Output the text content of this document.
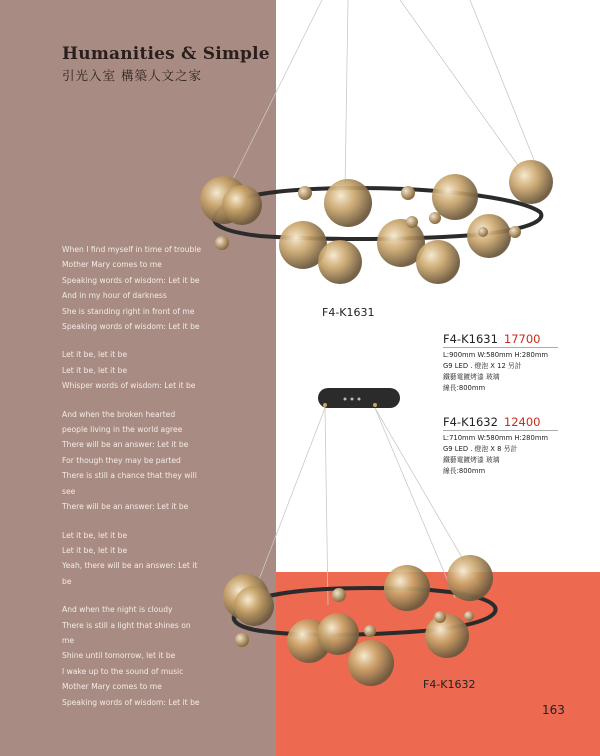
Humanities & Simple
引光入室 構築人文之家
When I find myself in time of trouble
Mother Mary comes to me
Speaking words of wisdom: Let it be
And in my hour of darkness
She is standing right in front of me
Speaking words of wisdom: Let it be
Let it be, let it be
Let it be, let it be
Whisper words of wisdom: Let it be
And when the broken hearted
people living in the world agree
There will be an answer: Let it be
For though they may be parted
There is still a chance that they will
see
There will be an answer: Let it be
Let it be, let it be
Let it be, let it be
Yeah, there will be an answer: Let it
be
And when the night is cloudy
There is still a light that shines on
me
Shine until tomorrow, let it be
I wake up to the sound of music
Mother Mary comes to me
Speaking words of wisdom: Let it be
F4-K1631
F4-K1632
F4-K1631 17700
L:900mm W:580mm H:280mm
G9 LED . 燈泡 X 12 另計
鐵藝電鍍烤漆 玻璃
線長:800mm
F4-K1632 12400
L:710mm W:580mm H:280mm
G9 LED . 燈泡 X 8 另計
鐵藝電鍍烤漆 玻璃
線長:800mm
163
